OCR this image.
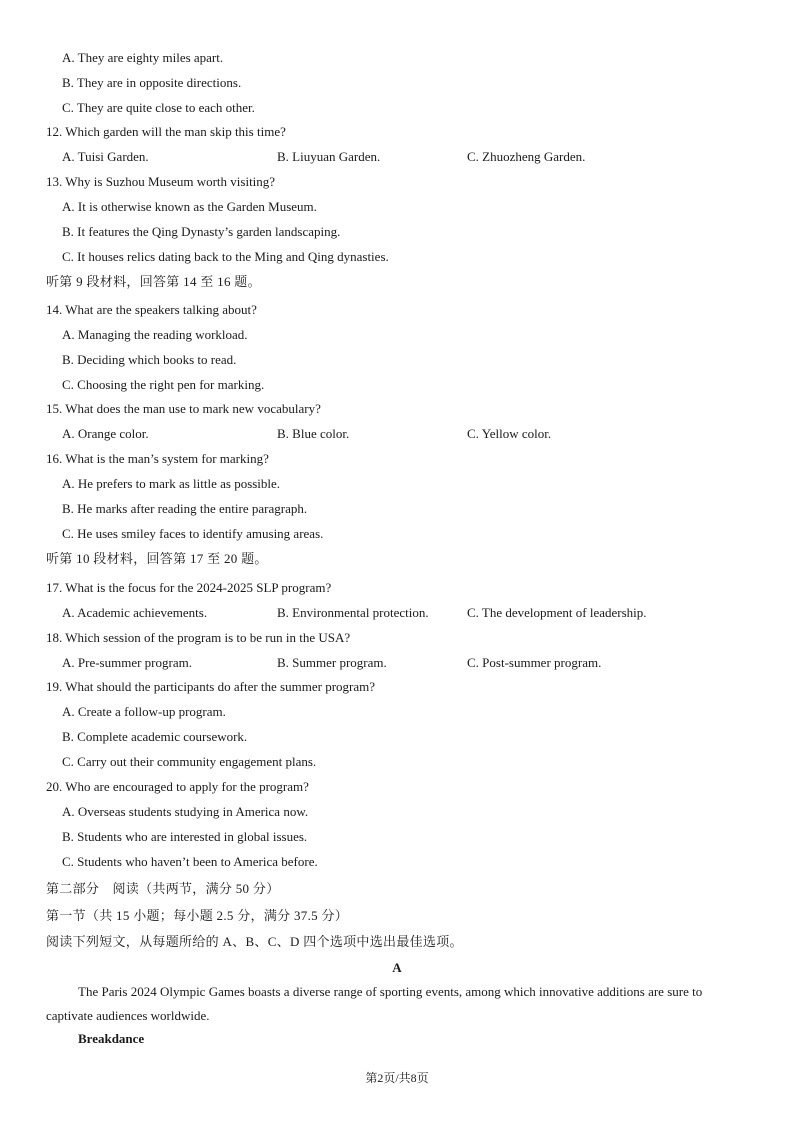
A. They are eighty miles apart.
B. They are in opposite directions.
C. They are quite close to each other.
12. Which garden will the man skip this time?
A. Tuisi Garden.	B. Liuyuan Garden.	C. Zhuozheng Garden.
13. Why is Suzhou Museum worth visiting?
A. It is otherwise known as the Garden Museum.
B. It features the Qing Dynasty’s garden landscaping.
C. It houses relics dating back to the Ming and Qing dynasties.
听第 9 段材料，回答第 14 至 16 题。
14. What are the speakers talking about?
A. Managing the reading workload.
B. Deciding which books to read.
C. Choosing the right pen for marking.
15. What does the man use to mark new vocabulary?
A. Orange color.	B. Blue color.	C. Yellow color.
16. What is the man’s system for marking?
A. He prefers to mark as little as possible.
B. He marks after reading the entire paragraph.
C. He uses smiley faces to identify amusing areas.
听第 10 段材料，回答第 17 至 20 题。
17. What is the focus for the 2024-2025 SLP program?
A. Academic achievements.	B. Environmental protection.	C. The development of leadership.
18. Which session of the program is to be run in the USA?
A. Pre-summer program.	B. Summer program.	C. Post-summer program.
19. What should the participants do after the summer program?
A. Create a follow-up program.
B. Complete academic coursework.
C. Carry out their community engagement plans.
20. Who are encouraged to apply for the program?
A. Overseas students studying in America now.
B. Students who are interested in global issues.
C. Students who haven’t been to America before.
第二部分　阅读（共两节，满分 50 分）
第一节（共 15 小题；每小题 2.5 分，满分 37.5 分）
阅读下列短文，从每题所给的 A、B、C、D 四个选项中选出最佳选项。
A
The Paris 2024 Olympic Games boasts a diverse range of sporting events, among which innovative additions are sure to captivate audiences worldwide.
Breakdance
第2页/共8页
